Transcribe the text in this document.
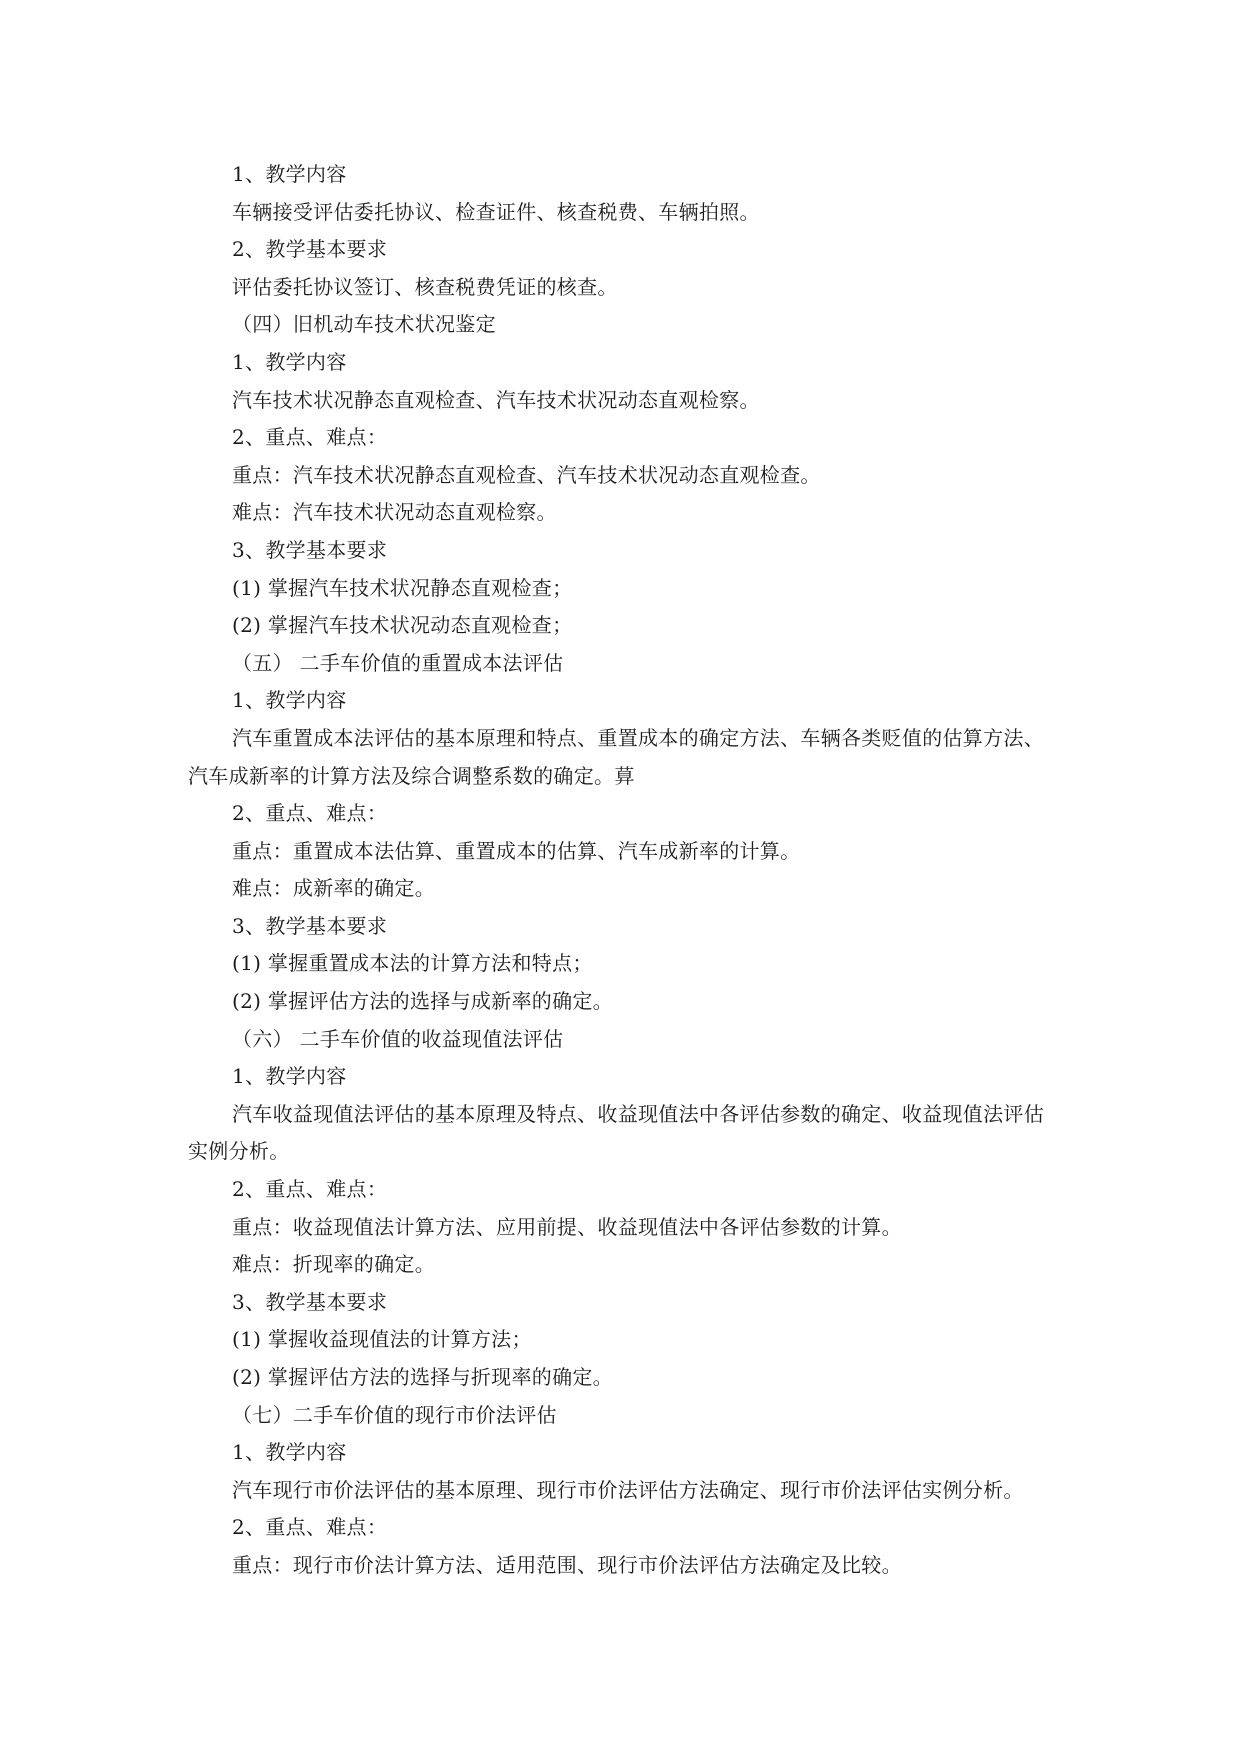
1、教学内容
车辆接受评估委托协议、检查证件、核查税费、车辆拍照。
2、教学基本要求
评估委托协议签订、核查税费凭证的核查。
（四）旧机动车技术状况鉴定
1、教学内容
汽车技术状况静态直观检查、汽车技术状况动态直观检察。
2、重点、难点：
重点：汽车技术状况静态直观检查、汽车技术状况动态直观检查。
难点：汽车技术状况动态直观检察。
3、教学基本要求
(1) 掌握汽车技术状况静态直观检查；
(2) 掌握汽车技术状况动态直观检查；
（五） 二手车价值的重置成本法评估
1、教学内容
汽车重置成本法评估的基本原理和特点、重置成本的确定方法、车辆各类贬值的估算方法、汽车成新率的计算方法及综合调整系数的确定。萛
2、重点、难点：
重点：重置成本法估算、重置成本的估算、汽车成新率的计算。
难点：成新率的确定。
3、教学基本要求
(1) 掌握重置成本法的计算方法和特点；
(2) 掌握评估方法的选择与成新率的确定。
（六） 二手车价值的收益现值法评估
1、教学内容
汽车收益现值法评估的基本原理及特点、收益现值法中各评估参数的确定、收益现值法评估实例分析。
2、重点、难点：
重点：收益现值法计算方法、应用前提、收益现值法中各评估参数的计算。
难点：折现率的确定。
3、教学基本要求
(1) 掌握收益现值法的计算方法；
(2) 掌握评估方法的选择与折现率的确定。
（七）二手车价值的现行市价法评估
1、教学内容
汽车现行市价法评估的基本原理、现行市价法评估方法确定、现行市价法评估实例分析。
2、重点、难点：
重点：现行市价法计算方法、适用范围、现行市价法评估方法确定及比较。
